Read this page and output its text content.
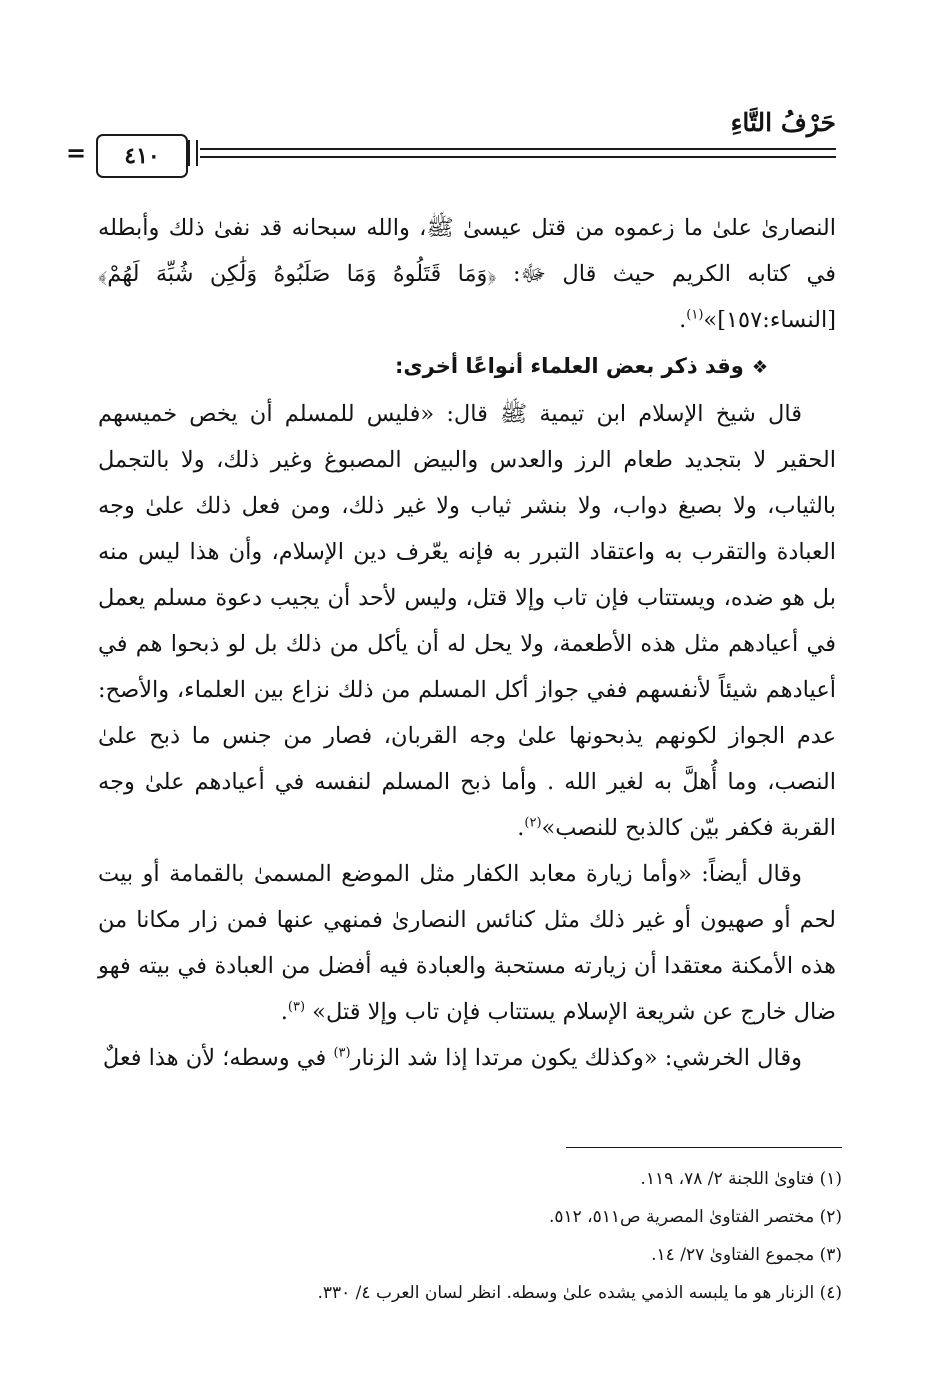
حَرْفُ التَّاءِ
٤١٠
=

النصارىٰ علىٰ ما زعموه من قتل عيسىٰ ﷺ، والله سبحانه قد نفىٰ ذلك وأبطله في كتابه الكريم حيث قال ﷻ: ﴿وَمَا قَتَلُوهُ وَمَا صَلَبُوهُ وَلَٰكِن شُبِّهَ لَهُمْ﴾ [النساء:١٥٧]»$^{(١)}$.

❖وقد ذكر بعض العلماء أنواعًا أخرى:

قال شيخ الإسلام ابن تيمية ﷺ قال: «فليس للمسلم أن يخص خميسهم الحقير لا بتجديد طعام الرز والعدس والبيض المصبوغ وغير ذلك، ولا بالتجمل بالثياب، ولا بصبغ دواب، ولا بنشر ثياب ولا غير ذلك، ومن فعل ذلك علىٰ وجه العبادة والتقرب به واعتقاد التبرر به فإنه يعّرف دين الإسلام، وأن هذا ليس منه بل هو ضده، ويستتاب فإن تاب وإلا قتل، وليس لأحد أن يجيب دعوة مسلم يعمل في أعيادهم مثل هذه الأطعمة، ولا يحل له أن يأكل من ذلك بل لو ذبحوا هم في أعيادهم شيئاً لأنفسهم ففي جواز أكل المسلم من ذلك نزاع بين العلماء، والأصح: عدم الجواز لكونهم يذبحونها علىٰ وجه القربان، فصار من جنس ما ذبح علىٰ النصب، وما أُهلَّ به لغير الله . وأما ذبح المسلم لنفسه في أعيادهم علىٰ وجه القربة فكفر بيّن كالذبح للنصب»$^{(٢)}$.

وقال أيضاً: «وأما زيارة معابد الكفار مثل الموضع المسمىٰ بالقمامة أو بيت لحم أو صهيون أو غير ذلك مثل كنائس النصارىٰ فمنهي عنها فمن زار مكانا من هذه الأمكنة معتقدا أن زيارته مستحبة والعبادة فيه أفضل من العبادة في بيته فهو ضال خارج عن شريعة الإسلام يستتاب فإن تاب وإلا قتل» $^{(٣)}$.

وقال الخرشي: «وكذلك يكون مرتدا إذا شد الزنار$^{(٣)}$ في وسطه؛ لأن هذا فعلٌ

(١) فتاوىٰ اللجنة ٢/ ٧٨، ١١٩.

(٢) مختصر الفتاوىٰ المصرية ص٥١١، ٥١٢.

(٣) مجموع الفتاوىٰ ٢٧/ ١٤.

(٤) الزنار هو ما يلبسه الذمي يشده علىٰ وسطه. انظر لسان العرب ٤/ ٣٣٠.
